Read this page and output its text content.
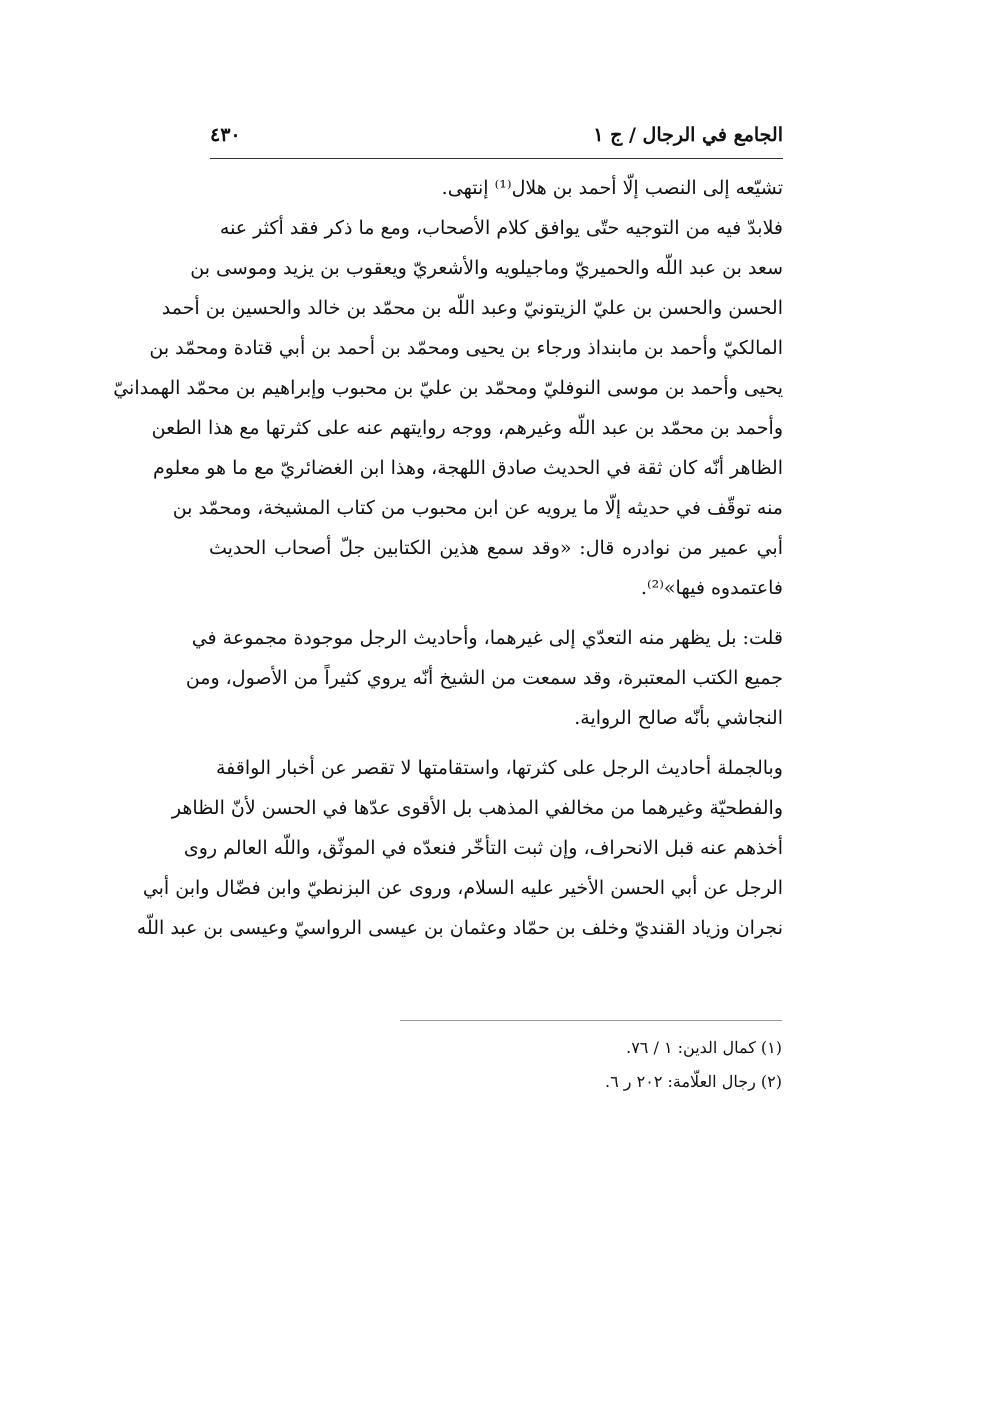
الجامع في الرجال / ج ١
٤٣٠
تشيّعه إلى النصب إلّا أحمد بن هلال⁽¹⁾ إنتهى.
فلابدّ فيه من التوجيه حتّى يوافق كلام الأصحاب، ومع ما ذكر فقد أكثر عنه
سعد بن عبد اللّه والحميريّ وماجيلويه والأشعريّ ويعقوب بن يزيد وموسى بن
الحسن والحسن بن عليّ الزيتونيّ وعبد اللّه بن محمّد بن خالد والحسين بن أحمد
المالكيّ وأحمد بن مابنداذ ورجاء بن يحيى ومحمّد بن أحمد بن أبي قتادة ومحمّد بن
يحيى وأحمد بن موسى النوفليّ ومحمّد بن عليّ بن محبوب وإبراهيم بن محمّد الهمدانيّ
وأحمد بن محمّد بن عبد اللّه وغيرهم، ووجه روايتهم عنه على كثرتها مع هذا الطعن
الظاهر أنّه كان ثقة في الحديث صادق اللهجة، وهذا ابن الغضائريّ مع ما هو معلوم
منه توقّف في حديثه إلّا ما يرويه عن ابن محبوب من كتاب المشيخة، ومحمّد بن
أبي عمير من نوادره قال: «وقد سمع هذين الكتابين جلّ أصحاب الحديث
فاعتمدوه فيها»⁽²⁾.
قلت: بل يظهر منه التعدّي إلى غيرهما، وأحاديث الرجل موجودة مجموعة في
جميع الكتب المعتبرة، وقد سمعت من الشيخ أنّه يروي كثيراً من الأصول، ومن
النجاشي بأنّه صالح الرواية.
وبالجملة أحاديث الرجل على كثرتها، واستقامتها لا تقصر عن أخبار الواقفة
والفطحيّة وغيرهما من مخالفي المذهب بل الأقوى عدّها في الحسن لأنّ الظاهر
أخذهم عنه قبل الانحراف، وإن ثبت التأخّر فنعدّه في الموثّق، واللّه العالم روى
الرجل عن أبي الحسن الأخير عليه السلام، وروى عن البزنطيّ وابن فضّال وابن أبي
نجران وزياد القنديّ وخلف بن حمّاد وعثمان بن عيسى الرواسيّ وعيسى بن عبد اللّه
(١) كمال الدين: ١ / ٧٦.
(٢) رجال العلّامة: ٢٠٢ ر ٦.
